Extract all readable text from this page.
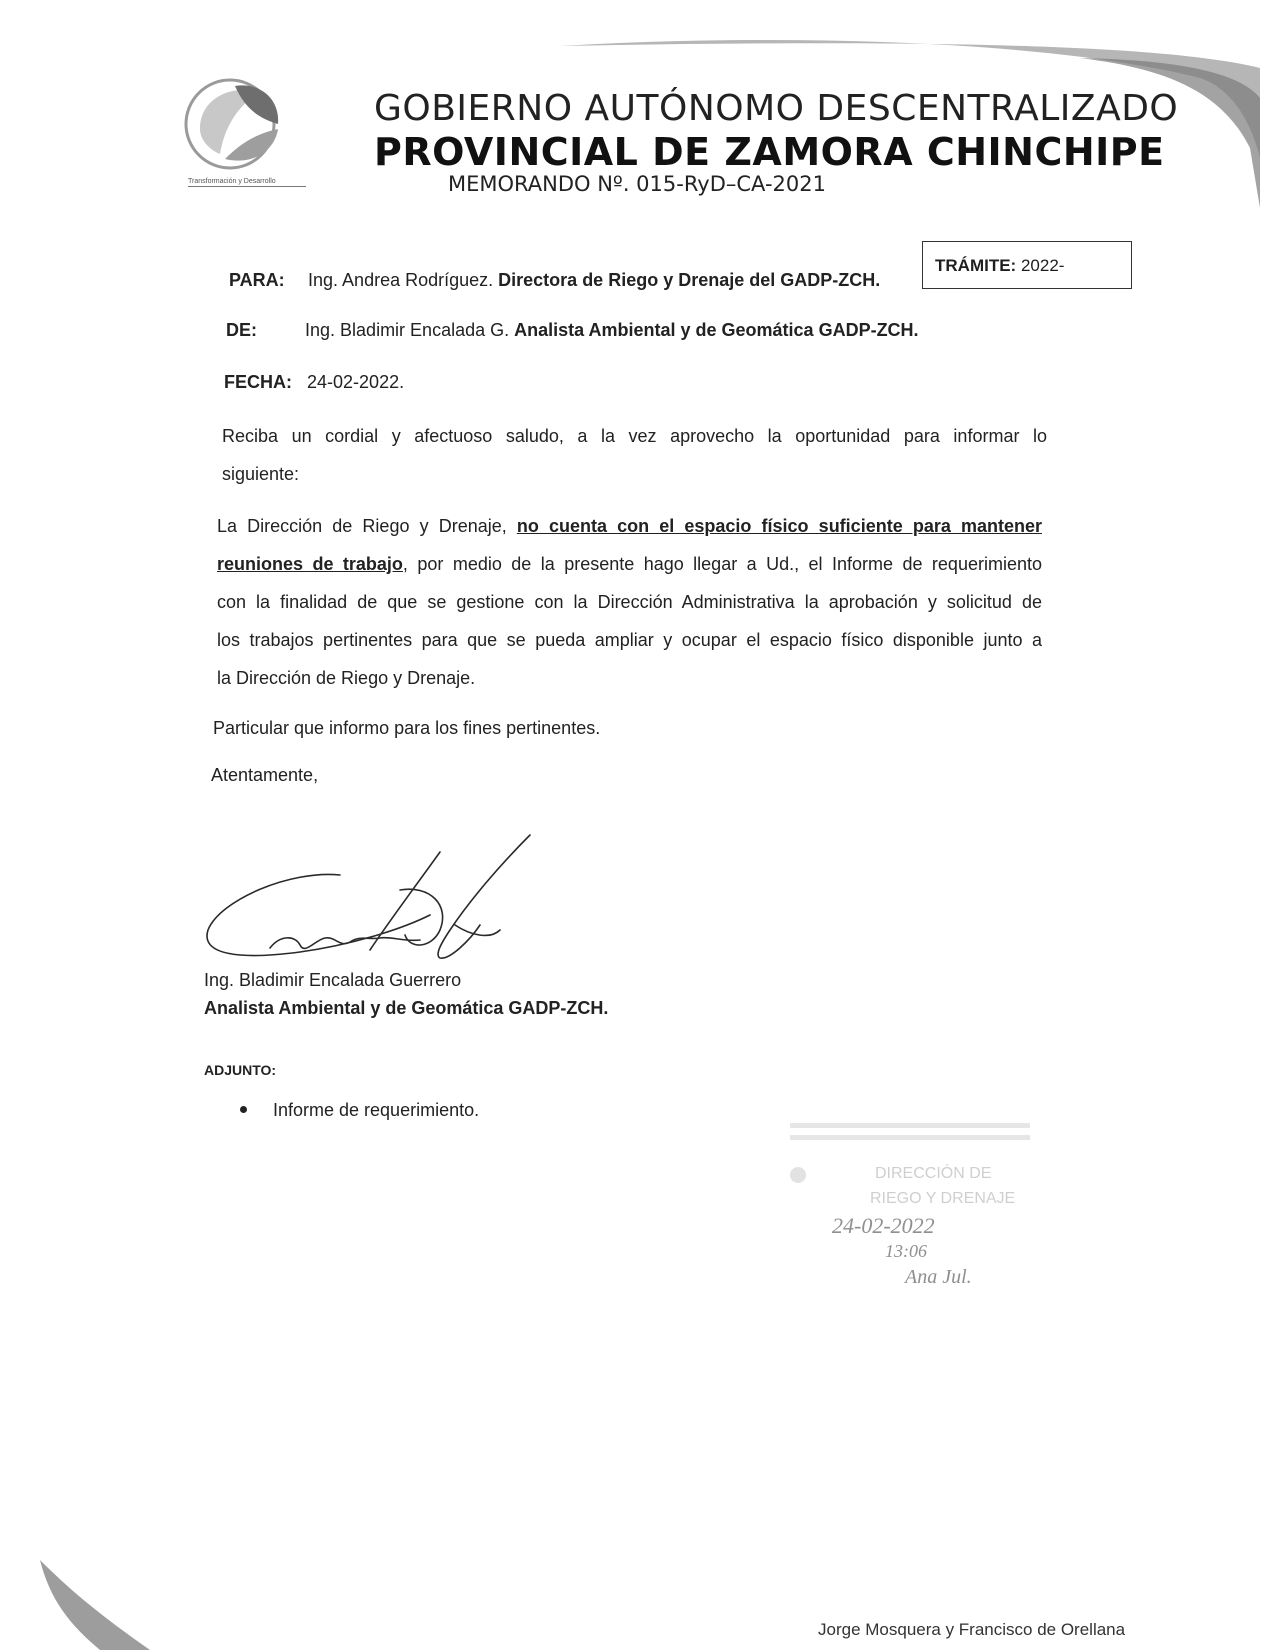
Transformación y Desarrollo
GOBIERNO AUTÓNOMO DESCENTRALIZADO
PROVINCIAL DE ZAMORA CHINCHIPE
MEMORANDO Nº. 015-RyD–CA-2021
TRÁMITE: 2022-
PARA: Ing. Andrea Rodríguez. Directora de Riego y Drenaje del GADP-ZCH.
DE:	Ing. Bladimir Encalada G. Analista Ambiental y de Geomática GADP-ZCH.
FECHA: 24-02-2022.
Reciba un cordial y afectuoso saludo, a la vez aprovecho la oportunidad para informar lo
siguiente:
La Dirección de Riego y Drenaje, no cuenta con el espacio físico suficiente para mantener
reuniones de trabajo, por medio de la presente hago llegar a Ud., el Informe de requerimiento
con la finalidad de que se gestione con la Dirección Administrativa la aprobación y solicitud de
los trabajos pertinentes para que se pueda ampliar y ocupar el espacio físico disponible junto a
la Dirección de Riego y Drenaje.
Particular que informo para los fines pertinentes.
Atentamente,
Ing. Bladimir Encalada Guerrero
Analista Ambiental y de Geomática GADP-ZCH.
ADJUNTO:
Informe de requerimiento.
DIRECCIÓN DE
RIEGO Y DRENAJE
24-02-2022
13:06
Ana Jul.
Jorge Mosquera y Francisco de Orellana
